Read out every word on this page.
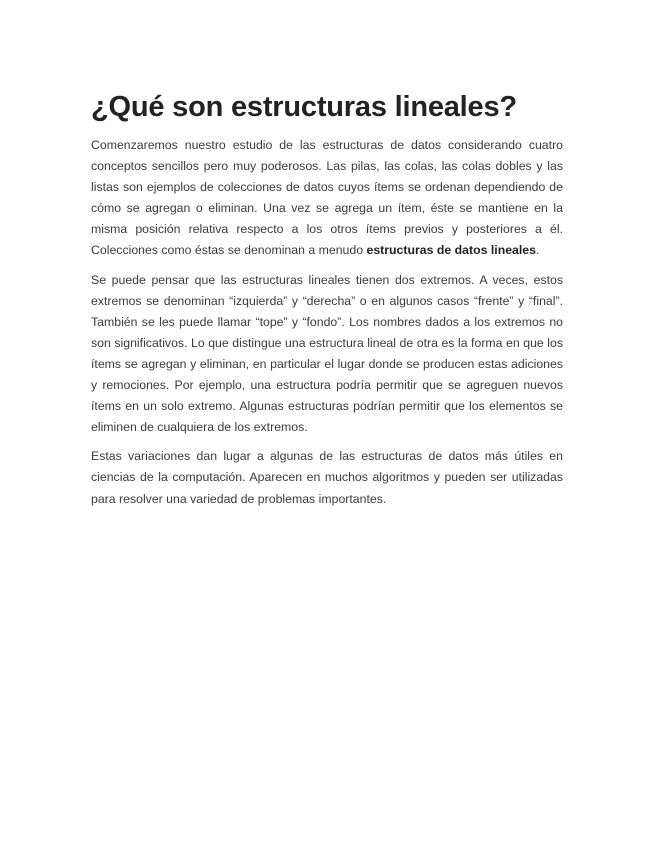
¿Qué son estructuras lineales?

Comenzaremos nuestro estudio de las estructuras de datos considerando cuatro conceptos sencillos pero muy poderosos. Las pilas, las colas, las colas dobles y las listas son ejemplos de colecciones de datos cuyos ítems se ordenan dependiendo de cómo se agregan o eliminan. Una vez se agrega un ítem, éste se mantiene en la misma posición relativa respecto a los otros ítems previos y posteriores a él. Colecciones como éstas se denominan a menudo estructuras de datos lineales.

Se puede pensar que las estructuras lineales tienen dos extremos. A veces, estos extremos se denominan “izquierda” y “derecha” o en algunos casos “frente” y “final”. También se les puede llamar “tope” y “fondo”. Los nombres dados a los extremos no son significativos. Lo que distingue una estructura lineal de otra es la forma en que los ítems se agregan y eliminan, en particular el lugar donde se producen estas adiciones y remociones. Por ejemplo, una estructura podría permitir que se agreguen nuevos ítems en un solo extremo. Algunas estructuras podrían permitir que los elementos se eliminen de cualquiera de los extremos.

Estas variaciones dan lugar a algunas de las estructuras de datos más útiles en ciencias de la computación. Aparecen en muchos algoritmos y pueden ser utilizadas para resolver una variedad de problemas importantes.
